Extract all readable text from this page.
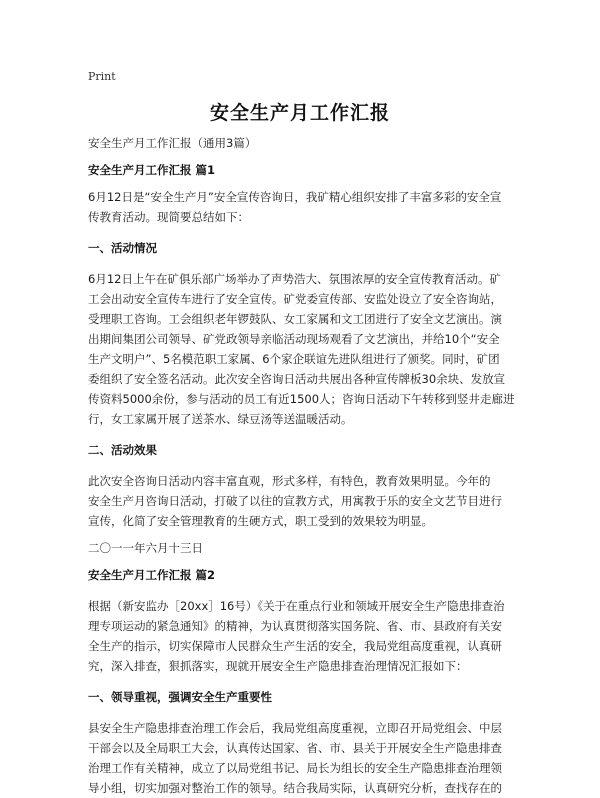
Print
安全生产月工作汇报
安全生产月工作汇报（通用3篇）
安全生产月工作汇报 篇1
6月12日是“安全生产月”安全宣传咨询日，我矿精心组织安排了丰富多彩的安全宣
传教育活动。现简要总结如下：
一、活动情况
6月12日上午在矿俱乐部广场举办了声势浩大、氛围浓厚的安全宣传教育活动。矿
工会出动安全宣传车进行了安全宣传。矿党委宣传部、安监处设立了安全咨询站，
受理职工咨询。工会组织老年锣鼓队、女工家属和文工团进行了安全文艺演出。演
出期间集团公司领导、矿党政领导亲临活动现场观看了文艺演出，并给10个“安全
生产文明户”、5名模范职工家属、6个家企联谊先进队组进行了颁奖。同时，矿团
委组织了安全签名活动。此次安全咨询日活动共展出各种宣传牌板30余块、发放宣
传资料5000余份，参与活动的员工有近1500人；咨询日活动下午转移到竖井走廊进
行，女工家属开展了送茶水、绿豆汤等送温暖活动。
二、活动效果
此次安全咨询日活动内容丰富直观，形式多样，有特色，教育效果明显。今年的
安全生产月咨询日活动，打破了以往的宣教方式，用寓教于乐的安全文艺节目进行
宣传，化简了安全管理教育的生硬方式，职工受到的效果较为明显。
二〇一一年六月十三日
安全生产月工作汇报 篇2
根据（新安监办［20xx］16号）《关于在重点行业和领域开展安全生产隐患排查治
理专项运动的紧急通知》的精神，为认真贯彻落实国务院、省、市、县政府有关安
全生产的指示，切实保障市人民群众生产生活的安全，我局党组高度重视，认真研
究，深入排查，狠抓落实，现就开展安全生产隐患排查治理情况汇报如下：
一、领导重视，强调安全生产重要性
县安全生产隐患排查治理工作会后，我局党组高度重视，立即召开局党组会、中层
干部会以及全局职工大会，认真传达国家、省、市、县关于开展安全生产隐患排查
治理工作有关精神，成立了以局党组书记、局长为组长的安全生产隐患排查治理领
导小组，切实加强对整治工作的领导。结合我局实际，认真研究分析，查找存在的
